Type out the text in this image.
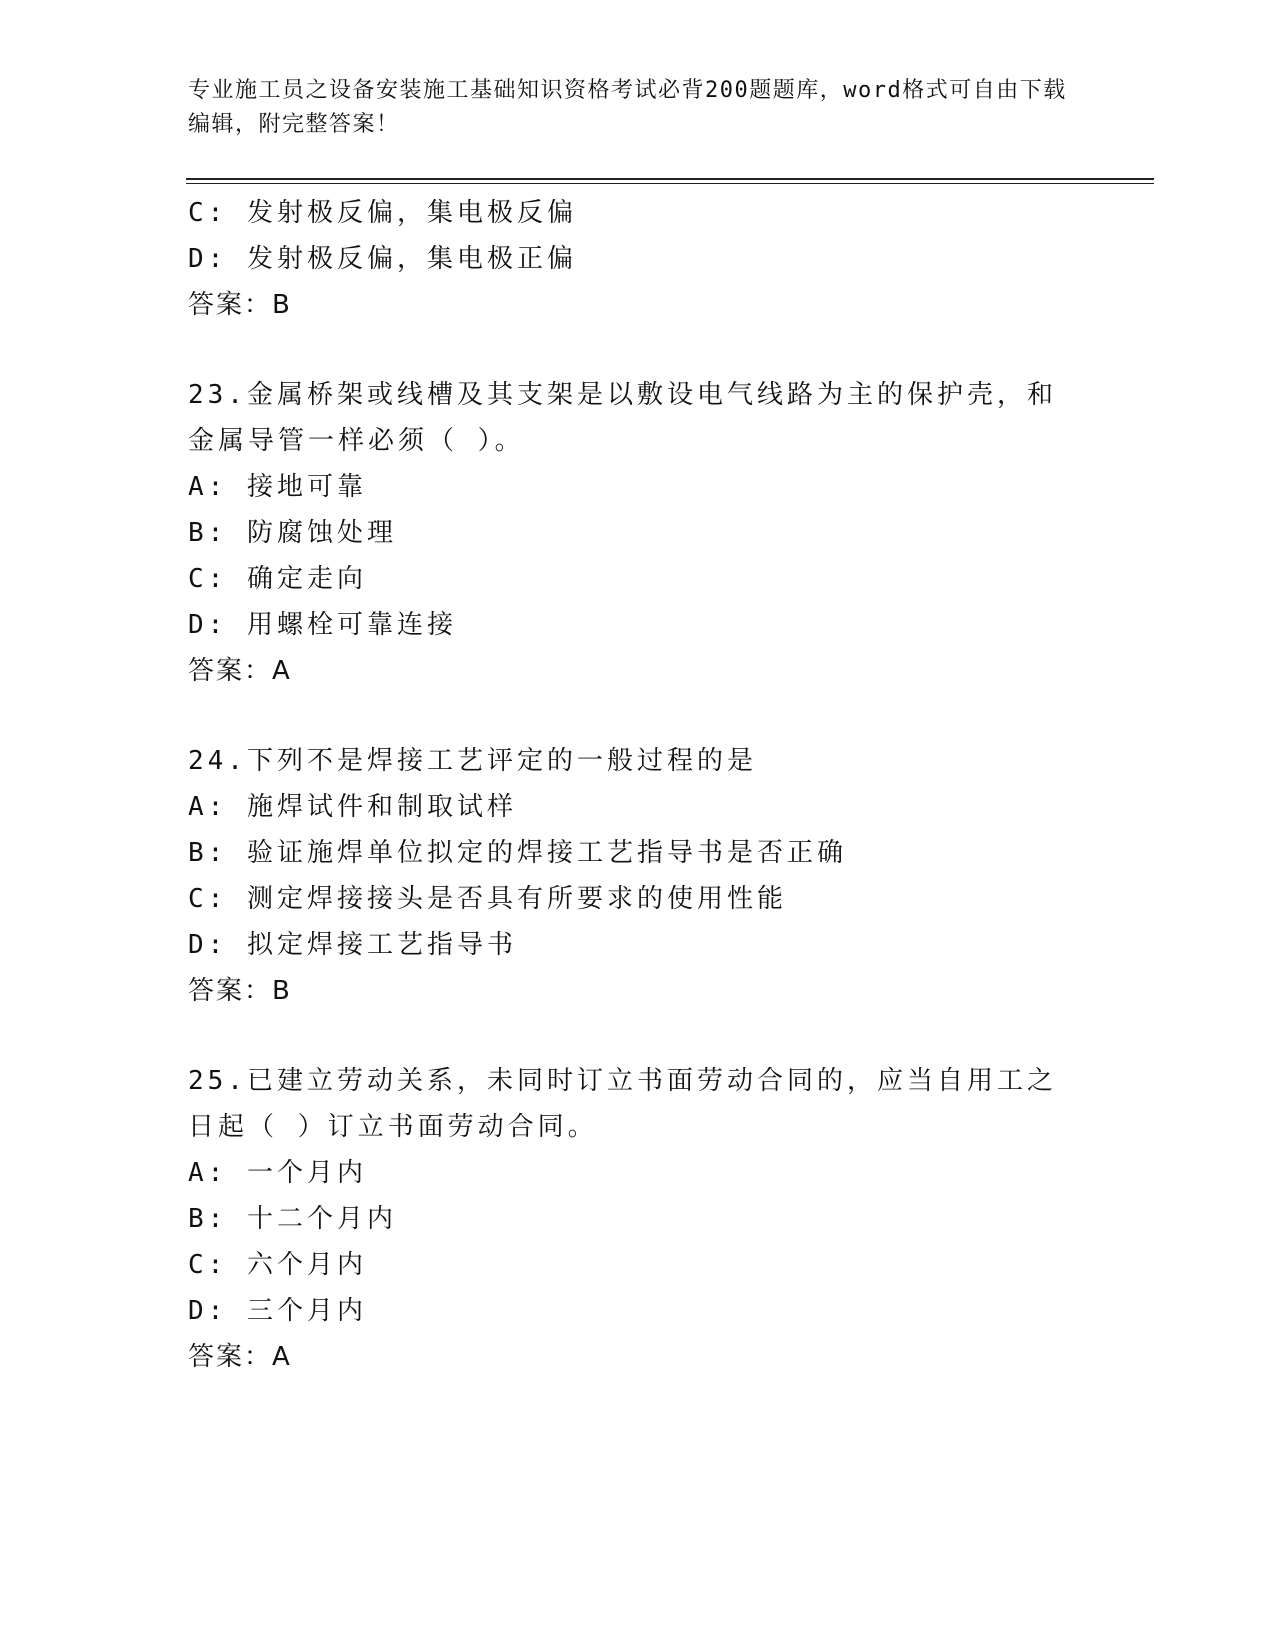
专业施工员之设备安装施工基础知识资格考试必背200题题库，word格式可自由下载编辑，附完整答案！
C: 发射极反偏，集电极反偏
D: 发射极反偏，集电极正偏
答案：B
23.金属桥架或线槽及其支架是以敷设电气线路为主的保护壳，和金属导管一样必须（ ）。
A: 接地可靠
B: 防腐蚀处理
C: 确定走向
D: 用螺栓可靠连接
答案：A
24.下列不是焊接工艺评定的一般过程的是
A: 施焊试件和制取试样
B: 验证施焊单位拟定的焊接工艺指导书是否正确
C: 测定焊接接头是否具有所要求的使用性能
D: 拟定焊接工艺指导书
答案：B
25.已建立劳动关系，未同时订立书面劳动合同的，应当自用工之日起（ ）订立书面劳动合同。
A: 一个月内
B: 十二个月内
C: 六个月内
D: 三个月内
答案：A
